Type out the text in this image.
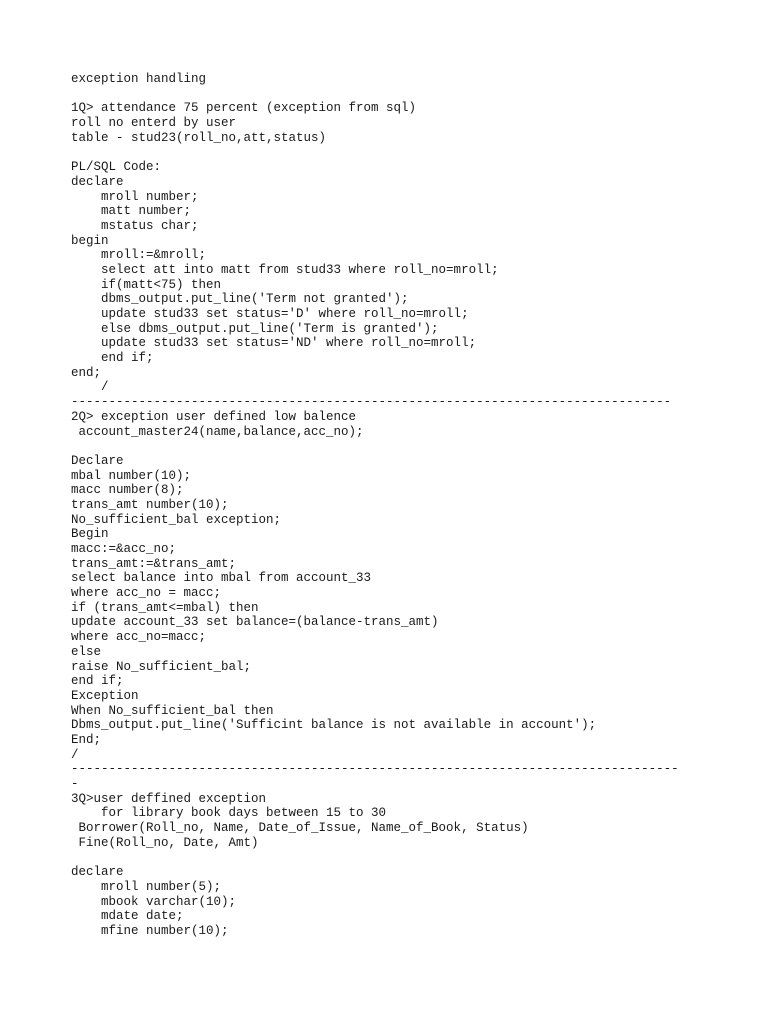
exception handling
1Q> attendance 75 percent (exception from sql)
roll no enterd by user
table - stud23(roll_no,att,status)
PL/SQL Code:
declare
mroll number;
matt number;
mstatus char;
begin
mroll:=&mroll;
select att into matt from stud33 where roll_no=mroll;
if(matt<75) then
dbms_output.put_line('Term not granted');
update stud33 set status='D' where roll_no=mroll;
else dbms_output.put_line('Term is granted');
update stud33 set status='ND' where roll_no=mroll;
end if;
end;
/
--------------------------------------------------------------------------------
2Q> exception user defined low balence
account_master24(name,balance,acc_no);
Declare
mbal number(10);
macc number(8);
trans_amt number(10);
No_sufficient_bal exception;
Begin
macc:=&acc_no;
trans_amt:=&trans_amt;
select balance into mbal from account_33
where acc_no = macc;
if (trans_amt<=mbal) then
update account_33 set balance=(balance-trans_amt)
where acc_no=macc;
else
raise No_sufficient_bal;
end if;
Exception
When No_sufficient_bal then
Dbms_output.put_line('Sufficint balance is not available in account');
End;
/
---------------------------------------------------------------------------------
-
3Q>user deffined exception
for library book days between 15 to 30
Borrower(Roll_no, Name, Date_of_Issue, Name_of_Book, Status)
Fine(Roll_no, Date, Amt)
declare
mroll number(5);
mbook varchar(10);
mdate date;
mfine number(10);
